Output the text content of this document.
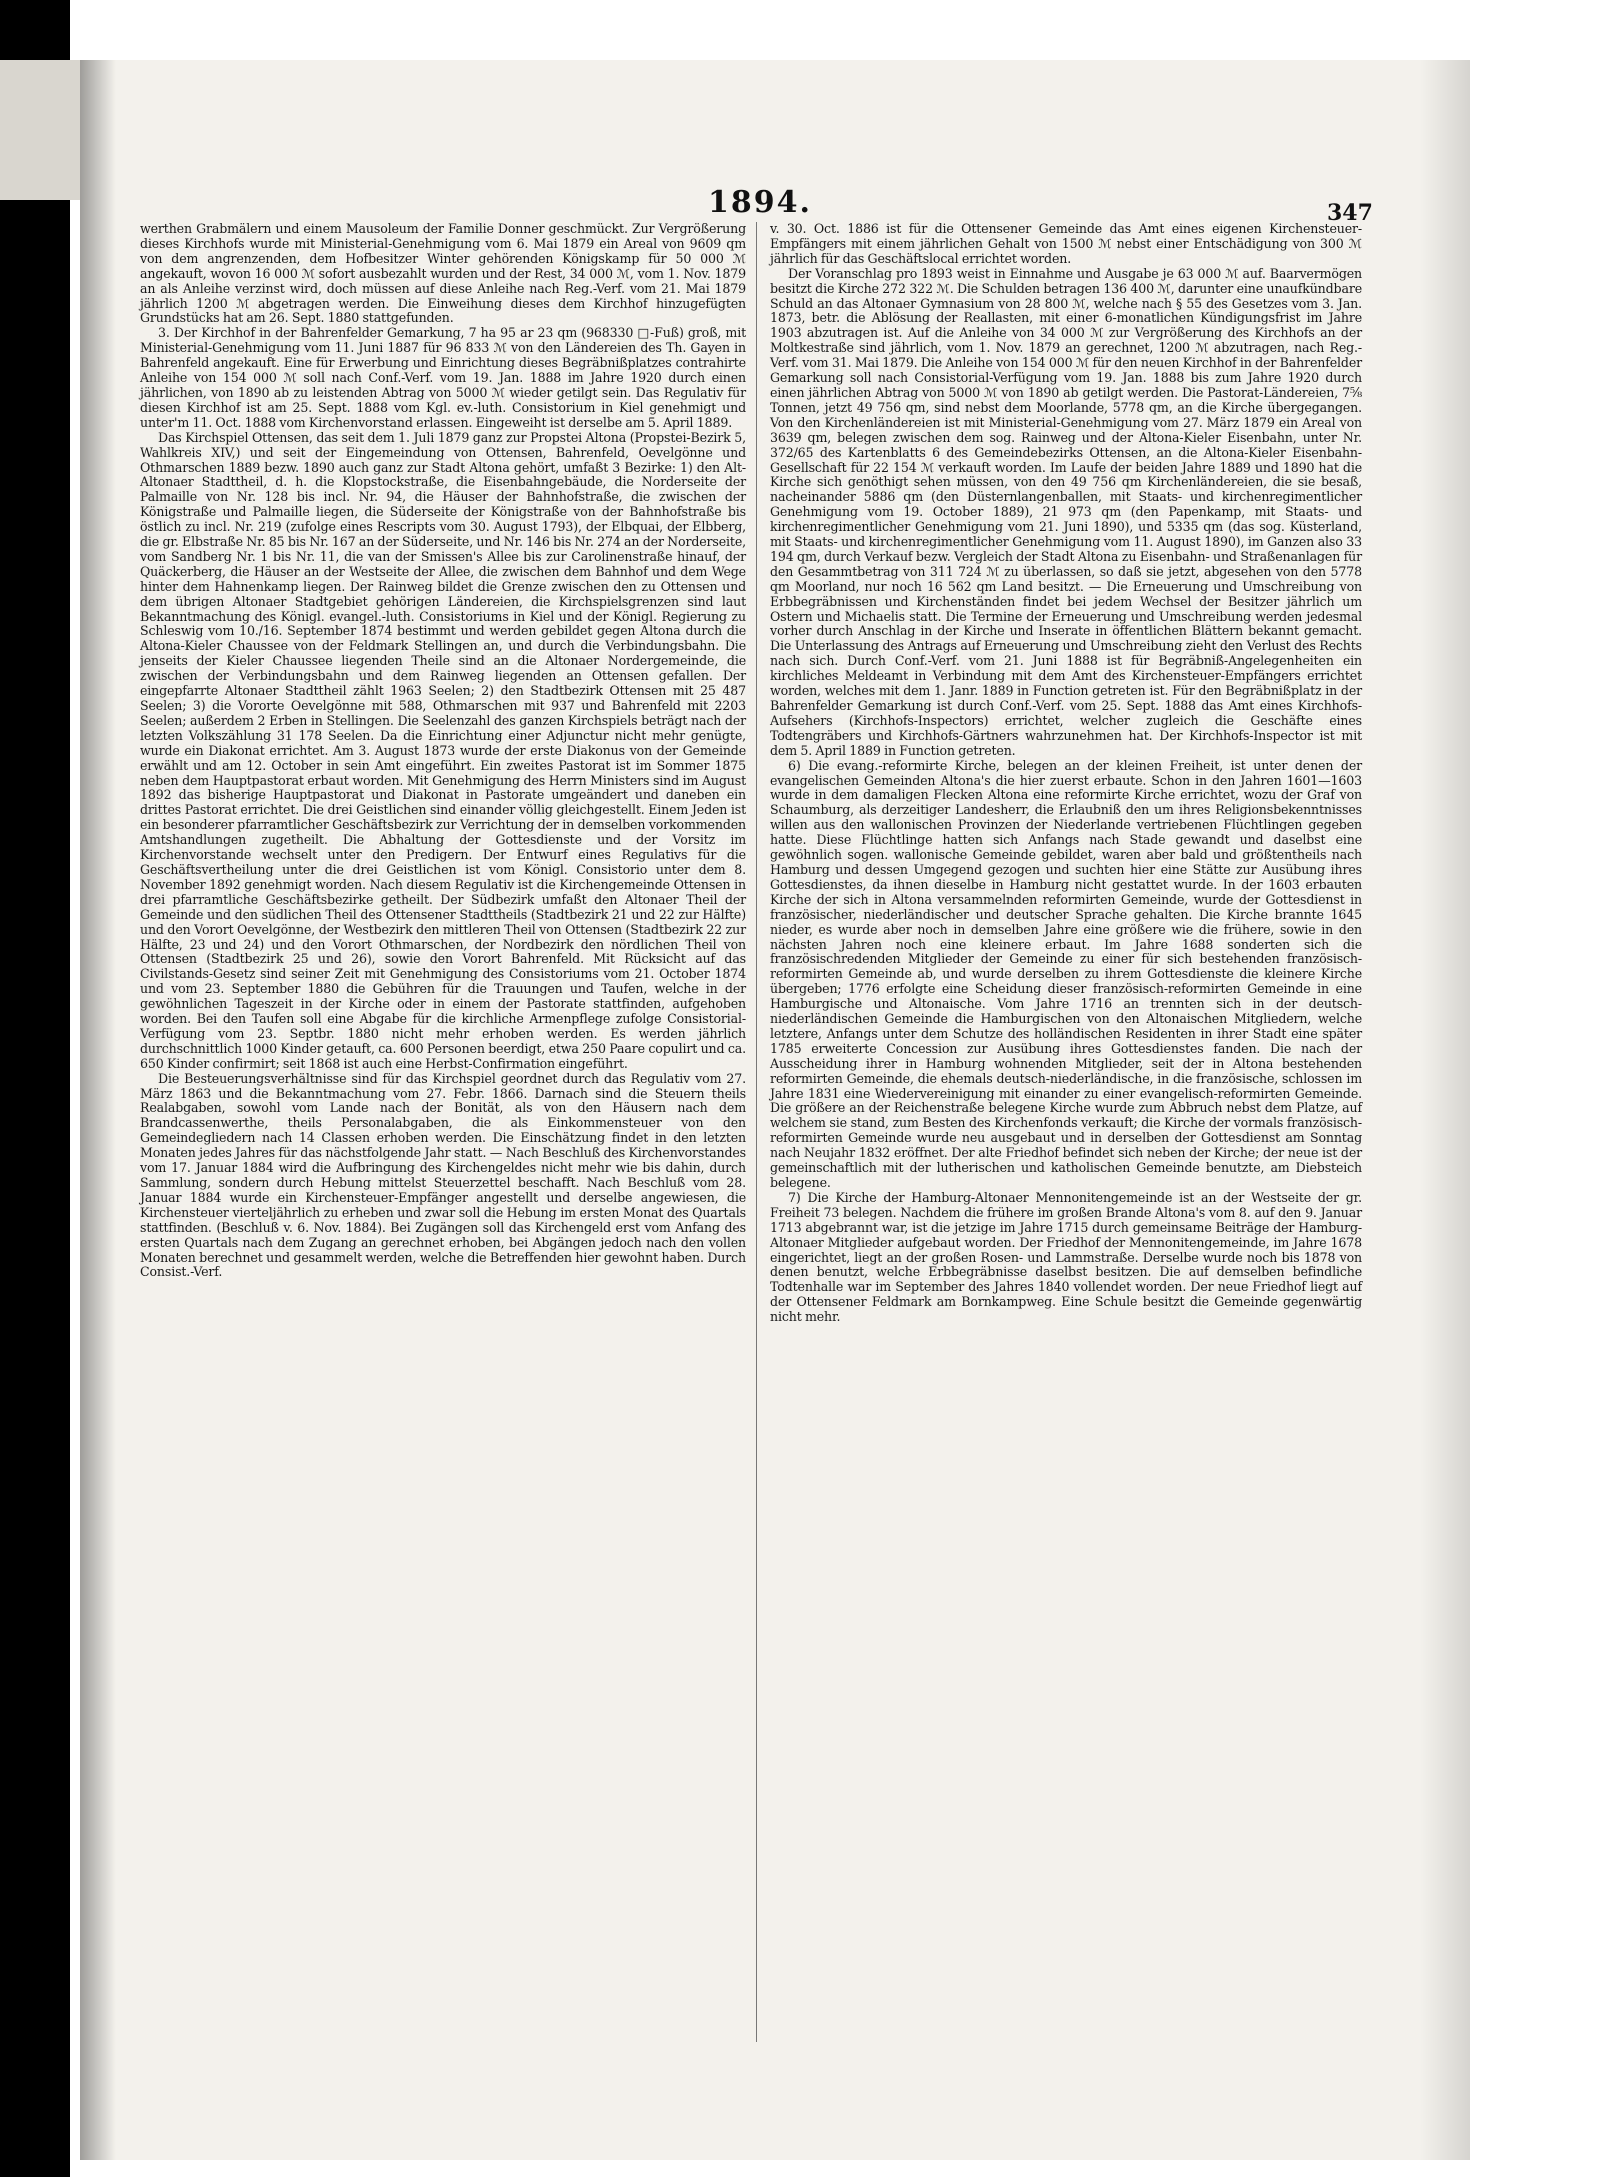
1894.	347

werthen Grabmälern und einem Mausoleum der Familie Donner geschmückt. Zur Vergrößerung dieses Kirchhofs wurde mit Ministerial-Genehmigung vom 6. Mai 1879 ein Areal von 9609 qm von dem angrenzenden, dem Hofbesitzer Winter gehörenden Königskamp für 50 000 ℳ angekauft, wovon 16 000 ℳ sofort ausbezahlt wurden und der Rest, 34 000 ℳ, vom 1. Nov. 1879 an als Anleihe verzinst wird, doch müssen auf diese Anleihe nach Reg.-Verf. vom 21. Mai 1879 jährlich 1200 ℳ abgetragen werden. Die Einweihung dieses dem Kirchhof hinzugefügten Grundstücks hat am 26. Sept. 1880 stattgefunden.

3. Der Kirchhof in der Bahrenfelder Gemarkung, 7 ha 95 ar 23 qm (968330 □-Fuß) groß, mit Ministerial-Genehmigung vom 11. Juni 1887 für 96 833 ℳ von den Ländereien des Th. Gayen in Bahrenfeld angekauft. Eine für Erwerbung und Einrichtung dieses Begräbnißplatzes contrahirte Anleihe von 154 000 ℳ soll nach Conf.-Verf. vom 19. Jan. 1888 im Jahre 1920 durch einen jährlichen, von 1890 ab zu leistenden Abtrag von 5000 ℳ wieder getilgt sein. Das Regulativ für diesen Kirchhof ist am 25. Sept. 1888 vom Kgl. ev.-luth. Consistorium in Kiel genehmigt und unter'm 11. Oct. 1888 vom Kirchenvorstand erlassen. Eingeweiht ist derselbe am 5. April 1889.

Das Kirchspiel Ottensen, das seit dem 1. Juli 1879 ganz zur Propstei Altona (Propstei-Bezirk 5, Wahlkreis XIV,) und seit der Eingemeindung von Ottensen, Bahrenfeld, Oevelgönne und Othmarschen 1889 bezw. 1890 auch ganz zur Stadt Altona gehört, umfaßt 3 Bezirke: 1) den Alt-Altonaer Stadttheil, d. h. die Klopstockstraße, die Eisenbahngebäude, die Norderseite der Palmaille von Nr. 128 bis incl. Nr. 94, die Häuser der Bahnhofstraße, die zwischen der Königstraße und Palmaille liegen, die Süderseite der Königstraße von der Bahnhofstraße bis östlich zu incl. Nr. 219 (zufolge eines Rescripts vom 30. August 1793), der Elbquai, der Elbberg, die gr. Elbstraße Nr. 85 bis Nr. 167 an der Süderseite, und Nr. 146 bis Nr. 274 an der Norderseite, vom Sandberg Nr. 1 bis Nr. 11, die van der Smissen's Allee bis zur Carolinenstraße hinauf, der Quäckerberg, die Häuser an der Westseite der Allee, die zwischen dem Bahnhof und dem Wege hinter dem Hahnenkamp liegen. Der Rainweg bildet die Grenze zwischen den zu Ottensen und dem übrigen Altonaer Stadtgebiet gehörigen Ländereien, die Kirchspielsgrenzen sind laut Bekanntmachung des Königl. evangel.-luth. Consistoriums in Kiel und der Königl. Regierung zu Schleswig vom 10./16. September 1874 bestimmt und werden gebildet gegen Altona durch die Altona-Kieler Chaussee von der Feldmark Stellingen an, und durch die Verbindungsbahn. Die jenseits der Kieler Chaussee liegenden Theile sind an die Altonaer Nordergemeinde, die zwischen der Verbindungsbahn und dem Rainweg liegenden an Ottensen gefallen. Der eingepfarrte Altonaer Stadttheil zählt 1963 Seelen; 2) den Stadtbezirk Ottensen mit 25 487 Seelen; 3) die Vororte Oevelgönne mit 588, Othmarschen mit 937 und Bahrenfeld mit 2203 Seelen; außerdem 2 Erben in Stellingen. Die Seelenzahl des ganzen Kirchspiels beträgt nach der letzten Volkszählung 31 178 Seelen. Da die Einrichtung einer Adjunctur nicht mehr genügte, wurde ein Diakonat errichtet. Am 3. August 1873 wurde der erste Diakonus von der Gemeinde erwählt und am 12. October in sein Amt eingeführt. Ein zweites Pastorat ist im Sommer 1875 neben dem Hauptpastorat erbaut worden. Mit Genehmigung des Herrn Ministers sind im August 1892 das bisherige Hauptpastorat und Diakonat in Pastorate umgeändert und daneben ein drittes Pastorat errichtet. Die drei Geistlichen sind einander völlig gleichgestellt. Einem Jeden ist ein besonderer pfarramtlicher Geschäftsbezirk zur Verrichtung der in demselben vorkommenden Amtshandlungen zugetheilt. Die Abhaltung der Gottesdienste und der Vorsitz im Kirchenvorstande wechselt unter den Predigern. Der Entwurf eines Regulativs für die Geschäftsvertheilung unter die drei Geistlichen ist vom Königl. Consistorio unter dem 8. November 1892 genehmigt worden. Nach diesem Regulativ ist die Kirchengemeinde Ottensen in drei pfarramtliche Geschäftsbezirke getheilt. Der Südbezirk umfaßt den Altonaer Theil der Gemeinde und den südlichen Theil des Ottensener Stadttheils (Stadtbezirk 21 und 22 zur Hälfte) und den Vorort Oevelgönne, der Westbezirk den mittleren Theil von Ottensen (Stadtbezirk 22 zur Hälfte, 23 und 24) und den Vorort Othmarschen, der Nordbezirk den nördlichen Theil von Ottensen (Stadtbezirk 25 und 26), sowie den Vorort Bahrenfeld. Mit Rücksicht auf das Civilstands-Gesetz sind seiner Zeit mit Genehmigung des Consistoriums vom 21. October 1874 und vom 23. September 1880 die Gebühren für die Trauungen und Taufen, welche in der gewöhnlichen Tageszeit in der Kirche oder in einem der Pastorate stattfinden, aufgehoben worden. Bei den Taufen soll eine Abgabe für die kirchliche Armenpflege zufolge Consistorial-Verfügung vom 23. Septbr. 1880 nicht mehr erhoben werden. Es werden jährlich durchschnittlich 1000 Kinder getauft, ca. 600 Personen beerdigt, etwa 250 Paare copulirt und ca. 650 Kinder confirmirt; seit 1868 ist auch eine Herbst-Confirmation eingeführt.

Die Besteuerungsverhältnisse sind für das Kirchspiel geordnet durch das Regulativ vom 27. März 1863 und die Bekanntmachung vom 27. Febr. 1866. Darnach sind die Steuern theils Realabgaben, sowohl vom Lande nach der Bonität, als von den Häusern nach dem Brandcassenwerthe, theils Personalabgaben, die als Einkommensteuer von den Gemeindegliedern nach 14 Classen erhoben werden. Die Einschätzung findet in den letzten Monaten jedes Jahres für das nächstfolgende Jahr statt. — Nach Beschluß des Kirchenvorstandes vom 17. Januar 1884 wird die Aufbringung des Kirchengeldes nicht mehr wie bis dahin, durch Sammlung, sondern durch Hebung mittelst Steuerzettel beschafft. Nach Beschluß vom 28. Januar 1884 wurde ein Kirchensteuer-Empfänger angestellt und derselbe angewiesen, die Kirchensteuer vierteljährlich zu erheben und zwar soll die Hebung im ersten Monat des Quartals stattfinden. (Beschluß v. 6. Nov. 1884). Bei Zugängen soll das Kirchengeld erst vom Anfang des ersten Quartals nach dem Zugang an gerechnet erhoben, bei Abgängen jedoch nach den vollen Monaten berechnet und gesammelt werden, welche die Betreffenden hier gewohnt haben. Durch Consist.-Verf.

v. 30. Oct. 1886 ist für die Ottensener Gemeinde das Amt eines eigenen Kirchensteuer-Empfängers mit einem jährlichen Gehalt von 1500 ℳ nebst einer Entschädigung von 300 ℳ jährlich für das Geschäftslocal errichtet worden.

Der Voranschlag pro 1893 weist in Einnahme und Ausgabe je 63 000 ℳ auf. Baarvermögen besitzt die Kirche 272 322 ℳ. Die Schulden betragen 136 400 ℳ, darunter eine unaufkündbare Schuld an das Altonaer Gymnasium von 28 800 ℳ, welche nach § 55 des Gesetzes vom 3. Jan. 1873, betr. die Ablösung der Reallasten, mit einer 6-monatlichen Kündigungsfrist im Jahre 1903 abzutragen ist. Auf die Anleihe von 34 000 ℳ zur Vergrößerung des Kirchhofs an der Moltkestraße sind jährlich, vom 1. Nov. 1879 an gerechnet, 1200 ℳ abzutragen, nach Reg.-Verf. vom 31. Mai 1879. Die Anleihe von 154 000 ℳ für den neuen Kirchhof in der Bahrenfelder Gemarkung soll nach Consistorial-Verfügung vom 19. Jan. 1888 bis zum Jahre 1920 durch einen jährlichen Abtrag von 5000 ℳ von 1890 ab getilgt werden. Die Pastorat-Ländereien, 7⅝ Tonnen, jetzt 49 756 qm, sind nebst dem Moorlande, 5778 qm, an die Kirche übergegangen. Von den Kirchenländereien ist mit Ministerial-Genehmigung vom 27. März 1879 ein Areal von 3639 qm, belegen zwischen dem sog. Rainweg und der Altona-Kieler Eisenbahn, unter Nr. 372/65 des Kartenblatts 6 des Gemeindebezirks Ottensen, an die Altona-Kieler Eisenbahn-Gesellschaft für 22 154 ℳ verkauft worden. Im Laufe der beiden Jahre 1889 und 1890 hat die Kirche sich genöthigt sehen müssen, von den 49 756 qm Kirchenländereien, die sie besaß, nacheinander 5886 qm (den Düsternlangenballen, mit Staats- und kirchenregimentlicher Genehmigung vom 19. October 1889), 21 973 qm (den Papenkamp, mit Staats- und kirchenregimentlicher Genehmigung vom 21. Juni 1890), und 5335 qm (das sog. Küsterland, mit Staats- und kirchenregimentlicher Genehmigung vom 11. August 1890), im Ganzen also 33 194 qm, durch Verkauf bezw. Vergleich der Stadt Altona zu Eisenbahn- und Straßenanlagen für den Gesammtbetrag von 311 724 ℳ zu überlassen, so daß sie jetzt, abgesehen von den 5778 qm Moorland, nur noch 16 562 qm Land besitzt. — Die Erneuerung und Umschreibung von Erbbegräbnissen und Kirchenständen findet bei jedem Wechsel der Besitzer jährlich um Ostern und Michaelis statt. Die Termine der Erneuerung und Umschreibung werden jedesmal vorher durch Anschlag in der Kirche und Inserate in öffentlichen Blättern bekannt gemacht. Die Unterlassung des Antrags auf Erneuerung und Umschreibung zieht den Verlust des Rechts nach sich. Durch Conf.-Verf. vom 21. Juni 1888 ist für Begräbniß-Angelegenheiten ein kirchliches Meldeamt in Verbindung mit dem Amt des Kirchensteuer-Empfängers errichtet worden, welches mit dem 1. Janr. 1889 in Function getreten ist. Für den Begräbnißplatz in der Bahrenfelder Gemarkung ist durch Conf.-Verf. vom 25. Sept. 1888 das Amt eines Kirchhofs-Aufsehers (Kirchhofs-Inspectors) errichtet, welcher zugleich die Geschäfte eines Todtengräbers und Kirchhofs-Gärtners wahrzunehmen hat. Der Kirchhofs-Inspector ist mit dem 5. April 1889 in Function getreten.

6) Die evang.-reformirte Kirche, belegen an der kleinen Freiheit, ist unter denen der evangelischen Gemeinden Altona's die hier zuerst erbaute. Schon in den Jahren 1601—1603 wurde in dem damaligen Flecken Altona eine reformirte Kirche errichtet, wozu der Graf von Schaumburg, als derzeitiger Landesherr, die Erlaubniß den um ihres Religionsbekenntnisses willen aus den wallonischen Provinzen der Niederlande vertriebenen Flüchtlingen gegeben hatte. Diese Flüchtlinge hatten sich Anfangs nach Stade gewandt und daselbst eine gewöhnlich sogen. wallonische Gemeinde gebildet, waren aber bald und größtentheils nach Hamburg und dessen Umgegend gezogen und suchten hier eine Stätte zur Ausübung ihres Gottesdienstes, da ihnen dieselbe in Hamburg nicht gestattet wurde. In der 1603 erbauten Kirche der sich in Altona versammelnden reformirten Gemeinde, wurde der Gottesdienst in französischer, niederländischer und deutscher Sprache gehalten. Die Kirche brannte 1645 nieder, es wurde aber noch in demselben Jahre eine größere wie die frühere, sowie in den nächsten Jahren noch eine kleinere erbaut. Im Jahre 1688 sonderten sich die französischredenden Mitglieder der Gemeinde zu einer für sich bestehenden französisch-reformirten Gemeinde ab, und wurde derselben zu ihrem Gottesdienste die kleinere Kirche übergeben; 1776 erfolgte eine Scheidung dieser französisch-reformirten Gemeinde in eine Hamburgische und Altonaische. Vom Jahre 1716 an trennten sich in der deutsch-niederländischen Gemeinde die Hamburgischen von den Altonaischen Mitgliedern, welche letztere, Anfangs unter dem Schutze des holländischen Residenten in ihrer Stadt eine später 1785 erweiterte Concession zur Ausübung ihres Gottesdienstes fanden. Die nach der Ausscheidung ihrer in Hamburg wohnenden Mitglieder, seit der in Altona bestehenden reformirten Gemeinde, die ehemals deutsch-niederländische, in die französische, schlossen im Jahre 1831 eine Wiedervereinigung mit einander zu einer evangelisch-reformirten Gemeinde. Die größere an der Reichenstraße belegene Kirche wurde zum Abbruch nebst dem Platze, auf welchem sie stand, zum Besten des Kirchenfonds verkauft; die Kirche der vormals französisch-reformirten Gemeinde wurde neu ausgebaut und in derselben der Gottesdienst am Sonntag nach Neujahr 1832 eröffnet. Der alte Friedhof befindet sich neben der Kirche; der neue ist der gemeinschaftlich mit der lutherischen und katholischen Gemeinde benutzte, am Diebsteich belegene.

7) Die Kirche der Hamburg-Altonaer Mennonitengemeinde ist an der Westseite der gr. Freiheit 73 belegen. Nachdem die frühere im großen Brande Altona's vom 8. auf den 9. Januar 1713 abgebrannt war, ist die jetzige im Jahre 1715 durch gemeinsame Beiträge der Hamburg-Altonaer Mitglieder aufgebaut worden. Der Friedhof der Mennonitengemeinde, im Jahre 1678 eingerichtet, liegt an der großen Rosen- und Lammstraße. Derselbe wurde noch bis 1878 von denen benutzt, welche Erbbegräbnisse daselbst besitzen. Die auf demselben befindliche Todtenhalle war im September des Jahres 1840 vollendet worden. Der neue Friedhof liegt auf der Ottensener Feldmark am Bornkampweg. Eine Schule besitzt die Gemeinde gegenwärtig nicht mehr.
